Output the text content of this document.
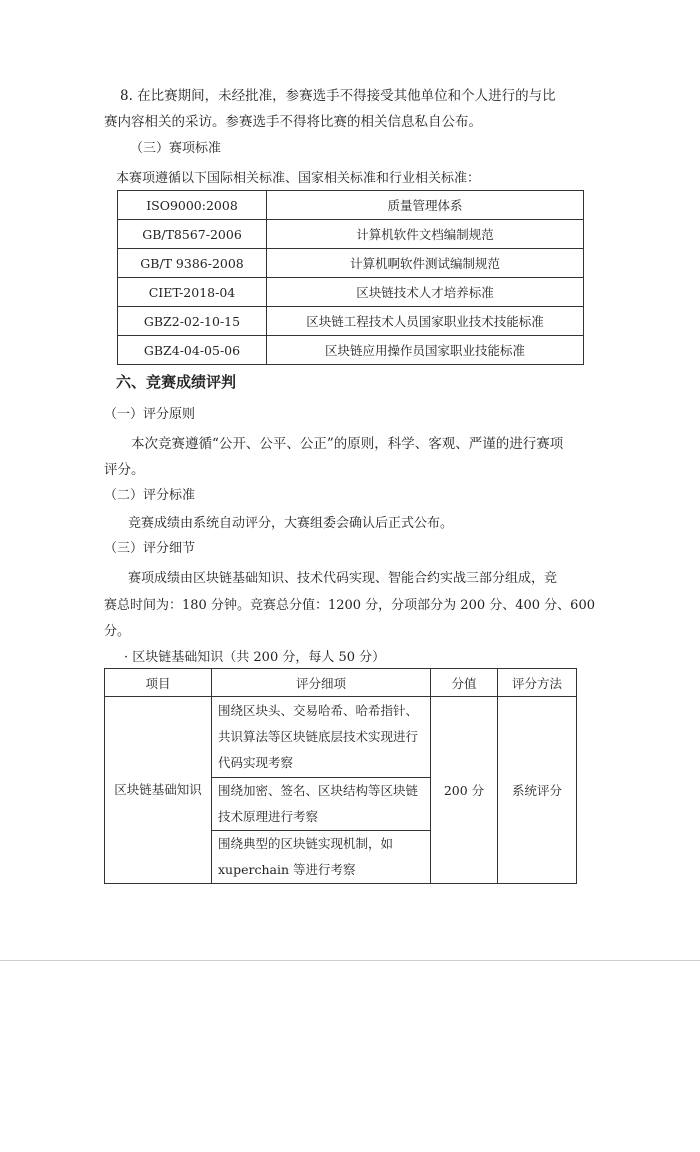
8. 在比赛期间，未经批准，参赛选手不得接受其他单位和个人进行的与比
赛内容相关的采访。参赛选手不得将比赛的相关信息私自公布。
（三）赛项标准
本赛项遵循以下国际相关标准、国家相关标准和行业相关标准：
ISO9000:2008	质量管理体系
GB/T8567-2006	计算机软件文档编制规范
GB/T 9386-2008	计算机啊软件测试编制规范
CIET-2018-04	区块链技术人才培养标准
GBZ2-02-10-15	区块链工程技术人员国家职业技术技能标准
GBZ4-04-05-06	区块链应用操作员国家职业技能标准
六、竞赛成绩评判
（一）评分原则
本次竞赛遵循“公开、公平、公正”的原则，科学、客观、严谨的进行赛项
评分。
（二）评分标准
竞赛成绩由系统自动评分，大赛组委会确认后正式公布。
（三）评分细节
赛项成绩由区块链基础知识、技术代码实现、智能合约实战三部分组成，竞
赛总时间为：180 分钟。竞赛总分值：1200 分，分项部分为 200 分、400 分、600
分。
· 区块链基础知识（共 200 分，每人 50 分）
项目	评分细项	分值	评分方法
区块链基础知识	围绕区块头、交易哈希、哈希指针、共识算法等区块链底层技术实现进行代码实现考察	200 分	系统评分
	围绕加密、签名、区块结构等区块链技术原理进行考察		
	围绕典型的区块链实现机制，如 xuperchain 等进行考察		
